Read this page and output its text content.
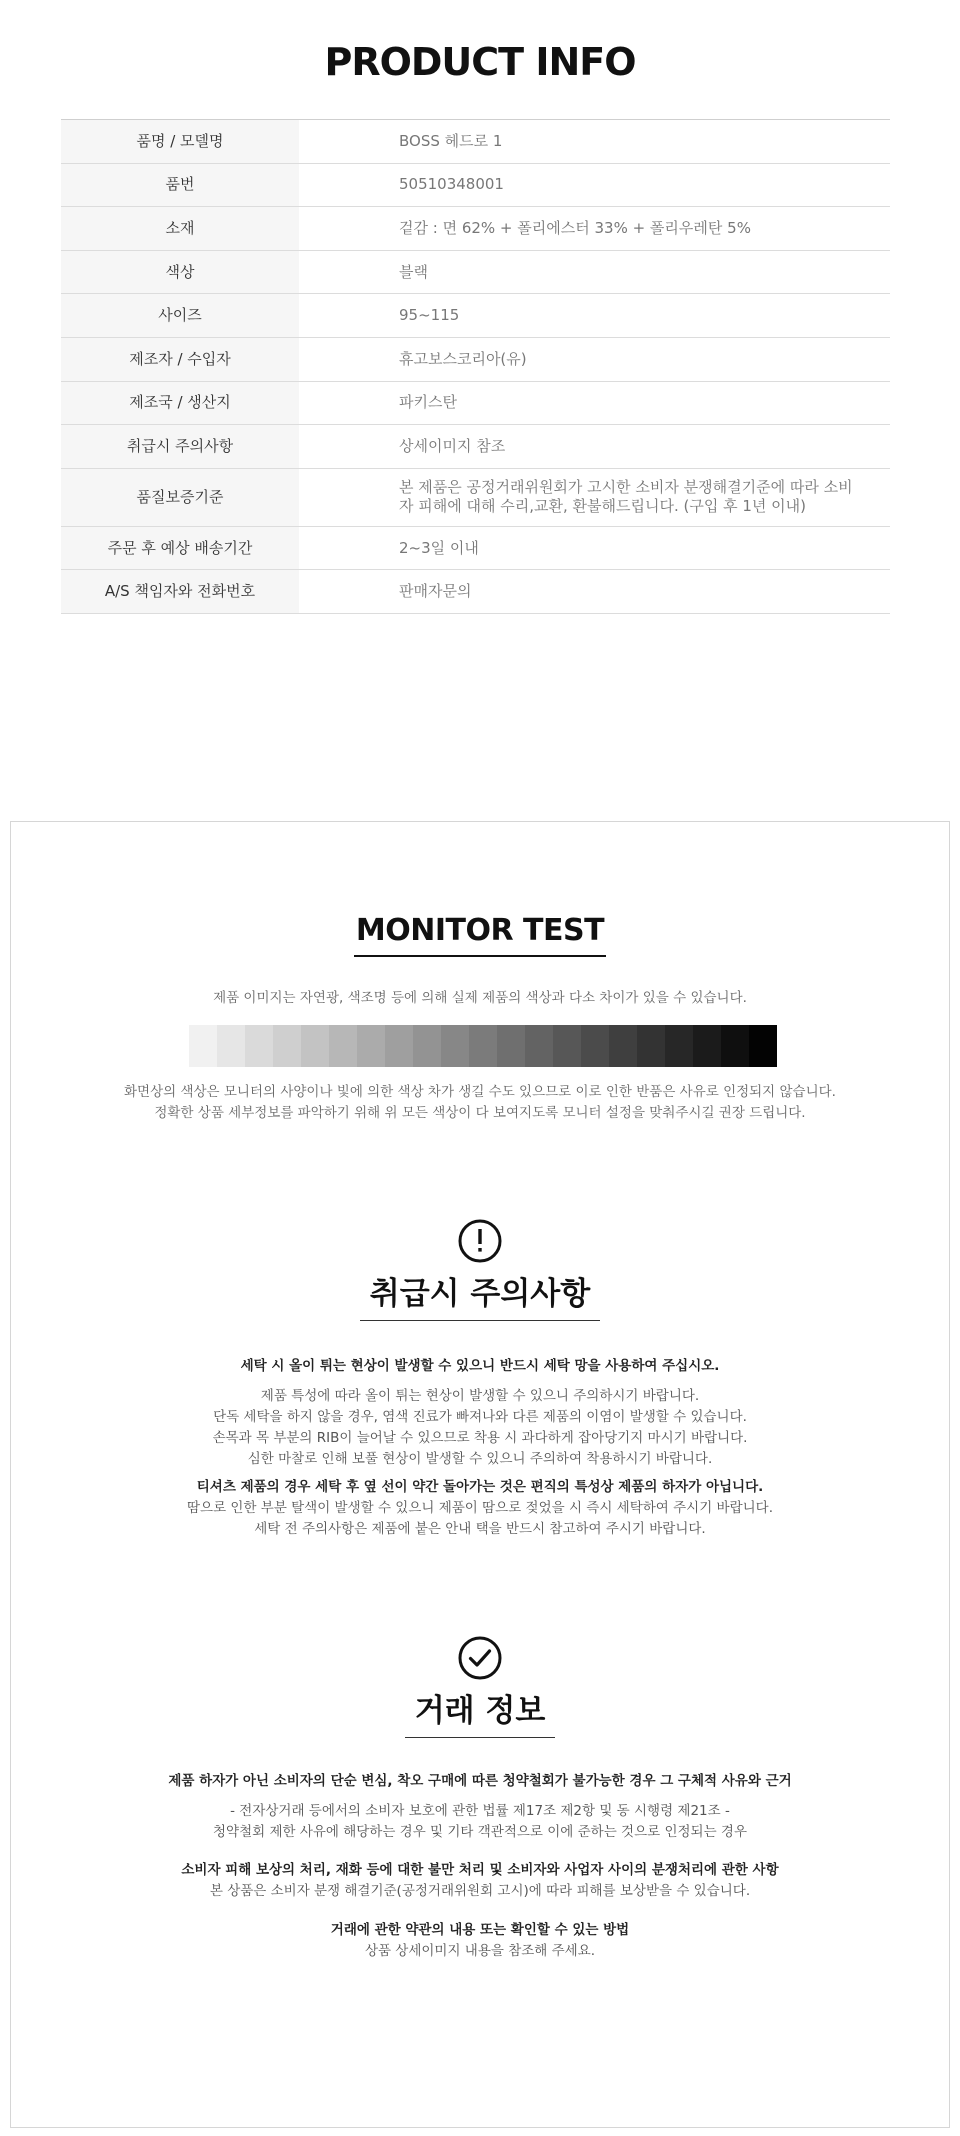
PRODUCT INFO
품명 / 모델명	BOSS 헤드로 1
품번	50510348001
소재	겉감 : 면 62% + 폴리에스터 33% + 폴리우레탄 5%
색상	블랙
사이즈	95~115
제조자 / 수입자	휴고보스코리아(유)
제조국 / 생산지	파키스탄
취급시 주의사항	상세이미지 참조
품질보증기준	본 제품은 공정거래위원회가 고시한 소비자 분쟁해결기준에 따라 소비자 피해에 대해 수리,교환, 환불해드립니다. (구입 후 1년 이내)
주문 후 예상 배송기간	2~3일 이내
A/S 책임자와 전화번호	판매자문의
MONITOR TEST
제품 이미지는 자연광, 색조명 등에 의해 실제 제품의 색상과 다소 차이가 있을 수 있습니다.
화면상의 색상은 모니터의 사양이나 빛에 의한 색상 차가 생길 수도 있으므로 이로 인한 반품은 사유로 인정되지 않습니다.
정확한 상품 세부정보를 파악하기 위해 위 모든 색상이 다 보여지도록 모니터 설정을 맞춰주시길 권장 드립니다.
취급시 주의사항
세탁 시 올이 튀는 현상이 발생할 수 있으니 반드시 세탁 망을 사용하여 주십시오.
제품 특성에 따라 올이 튀는 현상이 발생할 수 있으니 주의하시기 바랍니다.
단독 세탁을 하지 않을 경우, 염색 진료가 빠져나와 다른 제품의 이염이 발생할 수 있습니다.
손목과 목 부분의 RIB이 늘어날 수 있으므로 착용 시 과다하게 잡아당기지 마시기 바랍니다.
심한 마찰로 인해 보풀 현상이 발생할 수 있으니 주의하여 착용하시기 바랍니다.
티셔츠 제품의 경우 세탁 후 옆 선이 약간 돌아가는 것은 편직의 특성상 제품의 하자가 아닙니다.
땀으로 인한 부분 탈색이 발생할 수 있으니 제품이 땀으로 젖었을 시 즉시 세탁하여 주시기 바랍니다.
세탁 전 주의사항은 제품에 붙은 안내 택을 반드시 참고하여 주시기 바랍니다.
거래 정보
제품 하자가 아닌 소비자의 단순 변심, 착오 구매에 따른 청약철회가 불가능한 경우 그 구체적 사유와 근거
- 전자상거래 등에서의 소비자 보호에 관한 법률 제17조 제2항 및 동 시행령 제21조 -
청약철회 제한 사유에 해당하는 경우 및 기타 객관적으로 이에 준하는 것으로 인정되는 경우
소비자 피해 보상의 처리, 재화 등에 대한 불만 처리 및 소비자와 사업자 사이의 분쟁처리에 관한 사항
본 상품은 소비자 분쟁 해결기준(공정거래위원회 고시)에 따라 피해를 보상받을 수 있습니다.
거래에 관한 약관의 내용 또는 확인할 수 있는 방법
상품 상세이미지 내용을 참조해 주세요.
